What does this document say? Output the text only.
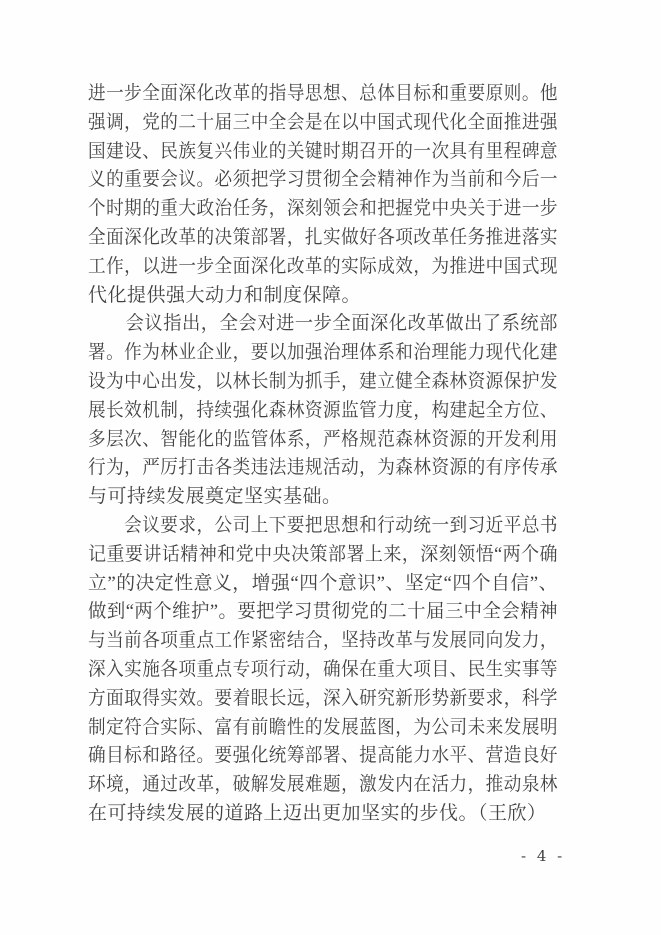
进一步全面深化改革的指导思想、总体目标和重要原则。他
强调，党的二十届三中全会是在以中国式现代化全面推进强
国建设、民族复兴伟业的关键时期召开的一次具有里程碑意
义的重要会议。必须把学习贯彻全会精神作为当前和今后一
个时期的重大政治任务，深刻领会和把握党中央关于进一步
全面深化改革的决策部署，扎实做好各项改革任务推进落实
工作，以进一步全面深化改革的实际成效，为推进中国式现
代化提供强大动力和制度保障。
　　会议指出，全会对进一步全面深化改革做出了系统部
署。作为林业企业，要以加强治理体系和治理能力现代化建
设为中心出发，以林长制为抓手，建立健全森林资源保护发
展长效机制，持续强化森林资源监管力度，构建起全方位、
多层次、智能化的监管体系，严格规范森林资源的开发利用
行为，严厉打击各类违法违规活动，为森林资源的有序传承
与可持续发展奠定坚实基础。
　　会议要求，公司上下要把思想和行动统一到习近平总书
记重要讲话精神和党中央决策部署上来，深刻领悟“两个确
立”的决定性意义，增强“四个意识”、坚定“四个自信”、
做到“两个维护”。要把学习贯彻党的二十届三中全会精神
与当前各项重点工作紧密结合，坚持改革与发展同向发力，
深入实施各项重点专项行动，确保在重大项目、民生实事等
方面取得实效。要着眼长远，深入研究新形势新要求，科学
制定符合实际、富有前瞻性的发展蓝图，为公司未来发展明
确目标和路径。要强化统筹部署、提高能力水平、营造良好
环境，通过改革，破解发展难题，激发内在活力，推动泉林
在可持续发展的道路上迈出更加坚实的步伐。（王欣）
- 4 -
